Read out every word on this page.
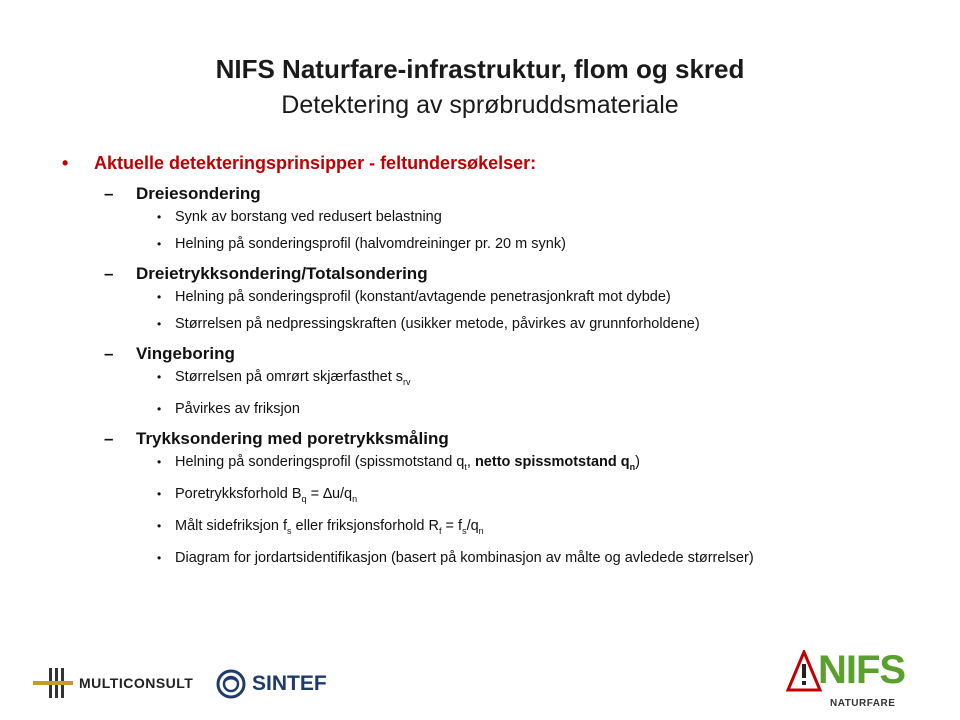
NIFS Naturfare-infrastruktur, flom og skred
Detektering av sprøbruddsmateriale
• Aktuelle detekteringsprinsipper - feltundersøkelser:
– Dreiesondering
• Synk av borstang ved redusert belastning
• Helning på sonderingsprofil (halvomdreininger pr. 20 m synk)
– Dreietrykksondering/Totalsondering
• Helning på sonderingsprofil (konstant/avtagende penetrasjonkraft mot dybde)
• Størrelsen på nedpressingskraften (usikker metode, påvirkes av grunnforholdene)
– Vingeboring
• Størrelsen på omrørt skjærfasthet $s_{rv}$
• Påvirkes av friksjon
– Trykksondering med poretrykksmåling
• Helning på sonderingsprofil (spissmotstand $q_t$, netto spissmotstand $q_n$)
• Poretrykksforhold $B_q = \Delta u/q_n$
• Målt sidefriksjon $f_s$ eller friksjonsforhold $R_f = f_s/q_n$
• Diagram for jordartsidentifikasjon (basert på kombinasjon av målte og avledede størrelser)
MULTICONSULT	SINTEF	NIFS
NATURFARE
